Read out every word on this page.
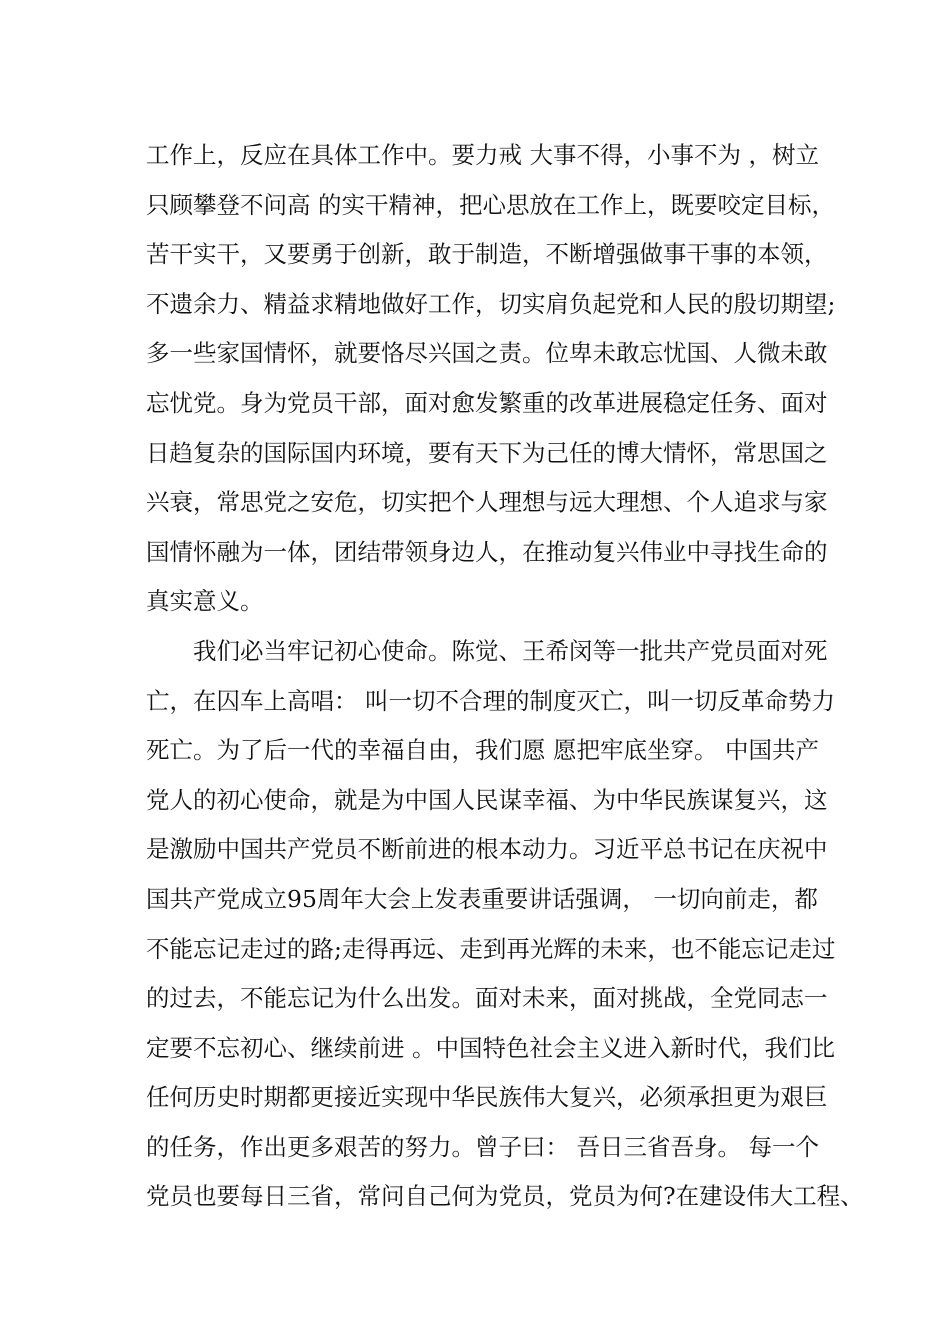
工作上，反应在具体工作中。要力戒 大事不得，小事不为 ，树立
只顾攀登不问高 的实干精神，把心思放在工作上，既要咬定目标，
苦干实干，又要勇于创新，敢于制造，不断增强做事干事的本领，
不遗余力、精益求精地做好工作，切实肩负起党和人民的殷切期望;
多一些家国情怀，就要恪尽兴国之责。位卑未敢忘忧国、人微未敢
忘忧党。身为党员干部，面对愈发繁重的改革进展稳定任务、面对
日趋复杂的国际国内环境，要有天下为己任的博大情怀，常思国之
兴衰，常思党之安危，切实把个人理想与远大理想、个人追求与家
国情怀融为一体，团结带领身边人，在推动复兴伟业中寻找生命的
真实意义。
　　我们必当牢记初心使命。陈觉、王希闵等一批共产党员面对死
亡，在囚车上高唱： 叫一切不合理的制度灭亡，叫一切反革命势力
死亡。为了后一代的幸福自由，我们愿 愿把牢底坐穿。 中国共产
党人的初心使命，就是为中国人民谋幸福、为中华民族谋复兴，这
是激励中国共产党员不断前进的根本动力。习近平总书记在庆祝中
国共产党成立95周年大会上发表重要讲话强调， 一切向前走，都
不能忘记走过的路;走得再远、走到再光辉的未来，也不能忘记走过
的过去，不能忘记为什么出发。面对未来，面对挑战，全党同志一
定要不忘初心、继续前进 。中国特色社会主义进入新时代，我们比
任何历史时期都更接近实现中华民族伟大复兴，必须承担更为艰巨
的任务，作出更多艰苦的努力。曾子曰： 吾日三省吾身。 每一个
党员也要每日三省，常问自己何为党员，党员为何?在建设伟大工程、
